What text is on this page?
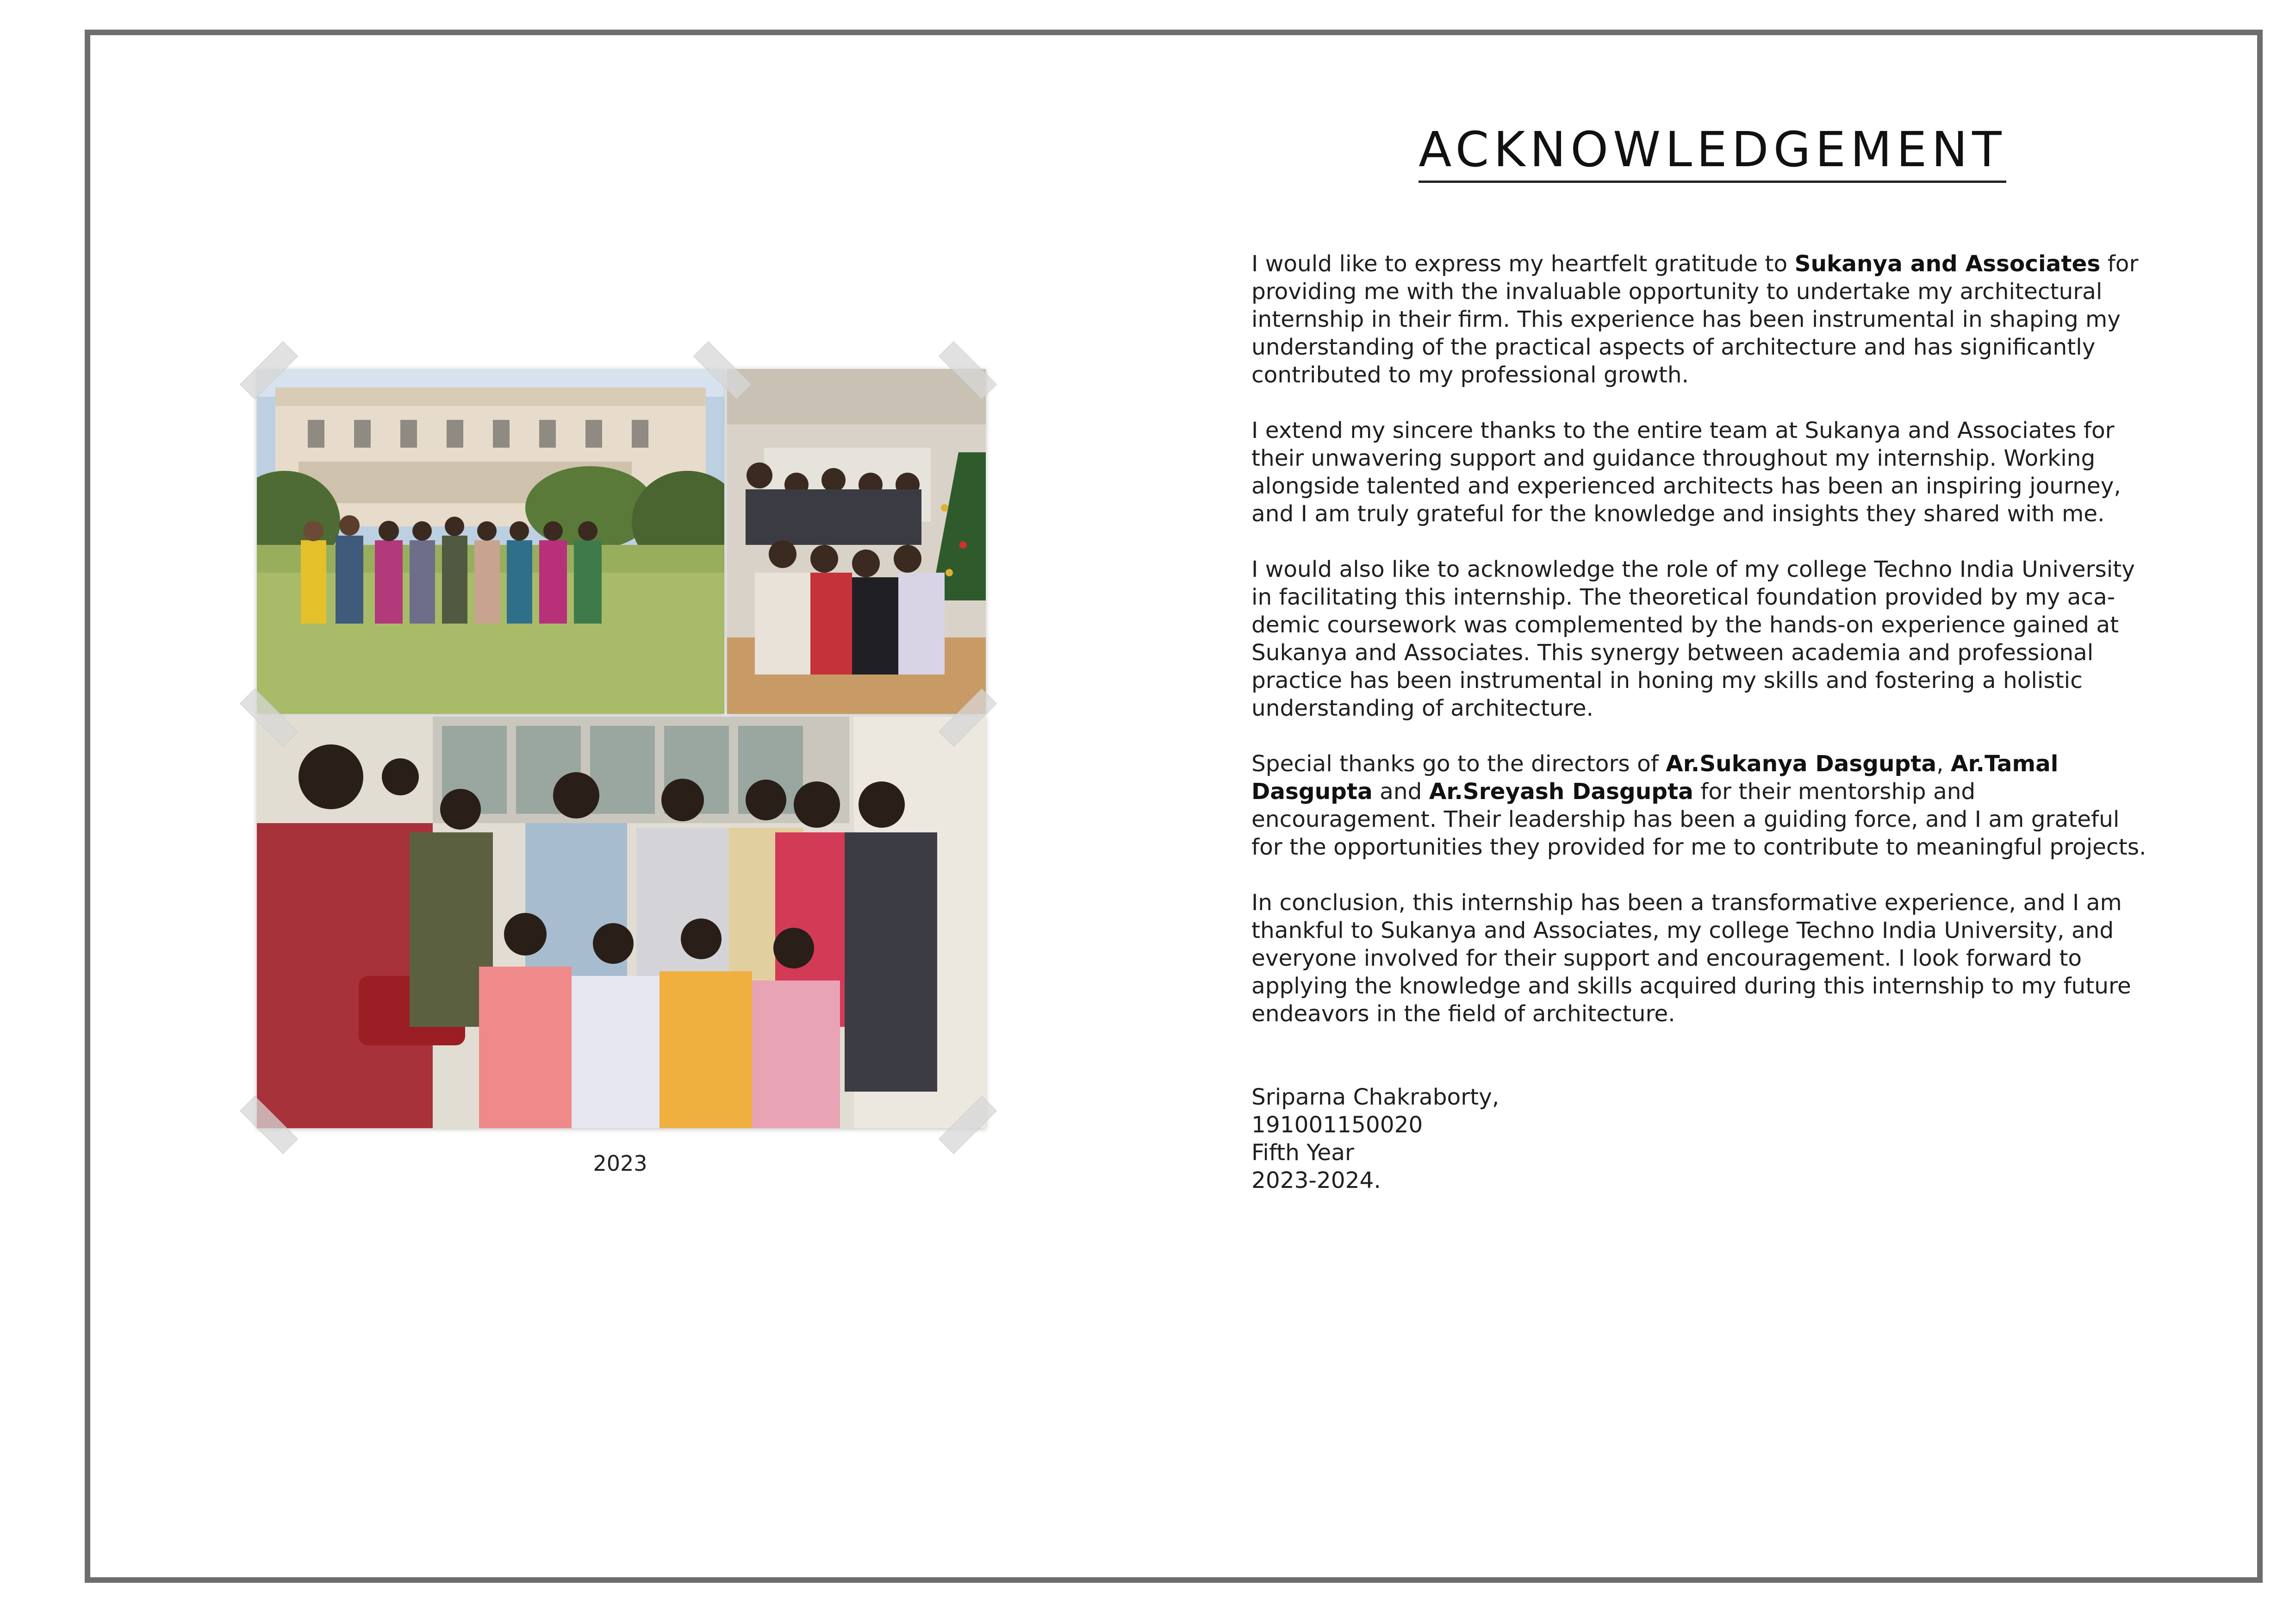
2023
ACKNOWLEDGEMENT

I would like to express my heartfelt gratitude to Sukanya and Associates for providing me with the invaluable opportunity to undertake my architectural internship in their firm. This experience has been instrumental in shaping my understanding of the practical aspects of architecture and has significantly contributed to my professional growth.

I extend my sincere thanks to the entire team at Sukanya and Associates for their unwavering support and guidance throughout my internship. Working alongside talented and experienced architects has been an inspiring journey, and I am truly grateful for the knowledge and insights they shared with me.

I would also like to acknowledge the role of my college Techno India University in facilitating this internship. The theoretical foundation provided by my aca-demic coursework was complemented by the hands-on experience gained at Sukanya and Associates. This synergy between academia and professional practice has been instrumental in honing my skills and fostering a holistic understanding of architecture.

Special thanks go to the directors of Ar.Sukanya Dasgupta, Ar.Tamal Dasgupta and Ar.Sreyash Dasgupta for their mentorship and encouragement. Their leadership has been a guiding force, and I am grateful for the opportunities they provided for me to contribute to meaningful projects.

In conclusion, this internship has been a transformative experience, and I am thankful to Sukanya and Associates, my college Techno India University, and everyone involved for their support and encouragement. I look forward to applying the knowledge and skills acquired during this internship to my future endeavors in the field of architecture.

Sriparna Chakraborty,
191001150020
Fifth Year
2023-2024.
